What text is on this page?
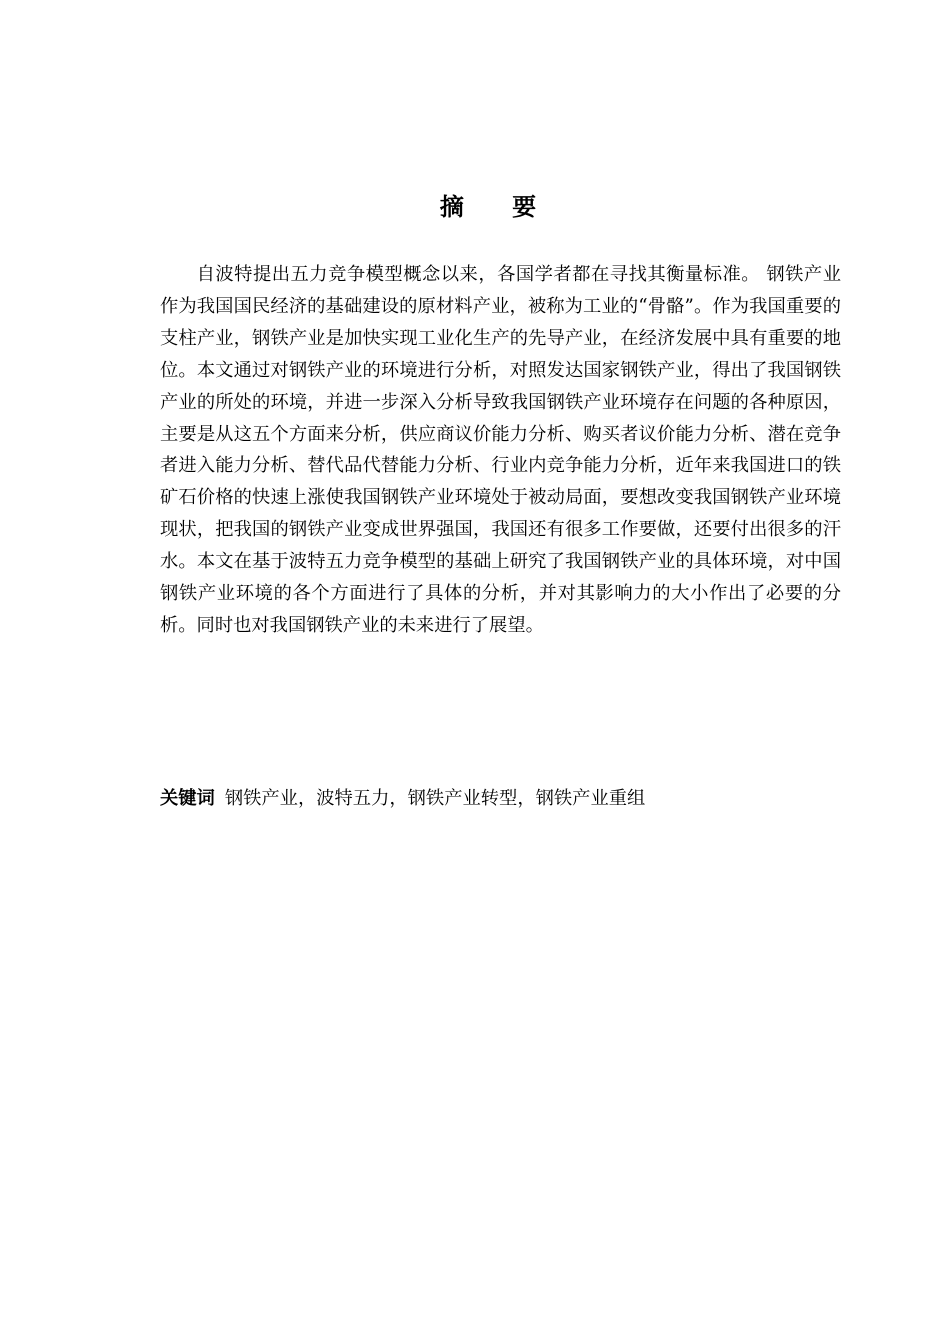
摘 要

自波特提出五力竞争模型概念以来，各国学者都在寻找其衡量标准。 钢铁产业作为我国国民经济的基础建设的原材料产业，被称为工业的“骨骼”。作为我国重要的支柱产业，钢铁产业是加快实现工业化生产的先导产业，在经济发展中具有重要的地位。本文通过对钢铁产业的环境进行分析，对照发达国家钢铁产业，得出了我国钢铁产业的所处的环境，并进一步深入分析导致我国钢铁产业环境存在问题的各种原因，主要是从这五个方面来分析，供应商议价能力分析、购买者议价能力分析、潜在竞争者进入能力分析、替代品代替能力分析、行业内竞争能力分析，近年来我国进口的铁矿石价格的快速上涨使我国钢铁产业环境处于被动局面，要想改变我国钢铁产业环境现状，把我国的钢铁产业变成世界强国，我国还有很多工作要做，还要付出很多的汗水。本文在基于波特五力竞争模型的基础上研究了我国钢铁产业的具体环境，对中国钢铁产业环境的各个方面进行了具体的分析，并对其影响力的大小作出了必要的分析。同时也对我国钢铁产业的未来进行了展望。

关键词 钢铁产业，波特五力，钢铁产业转型，钢铁产业重组
